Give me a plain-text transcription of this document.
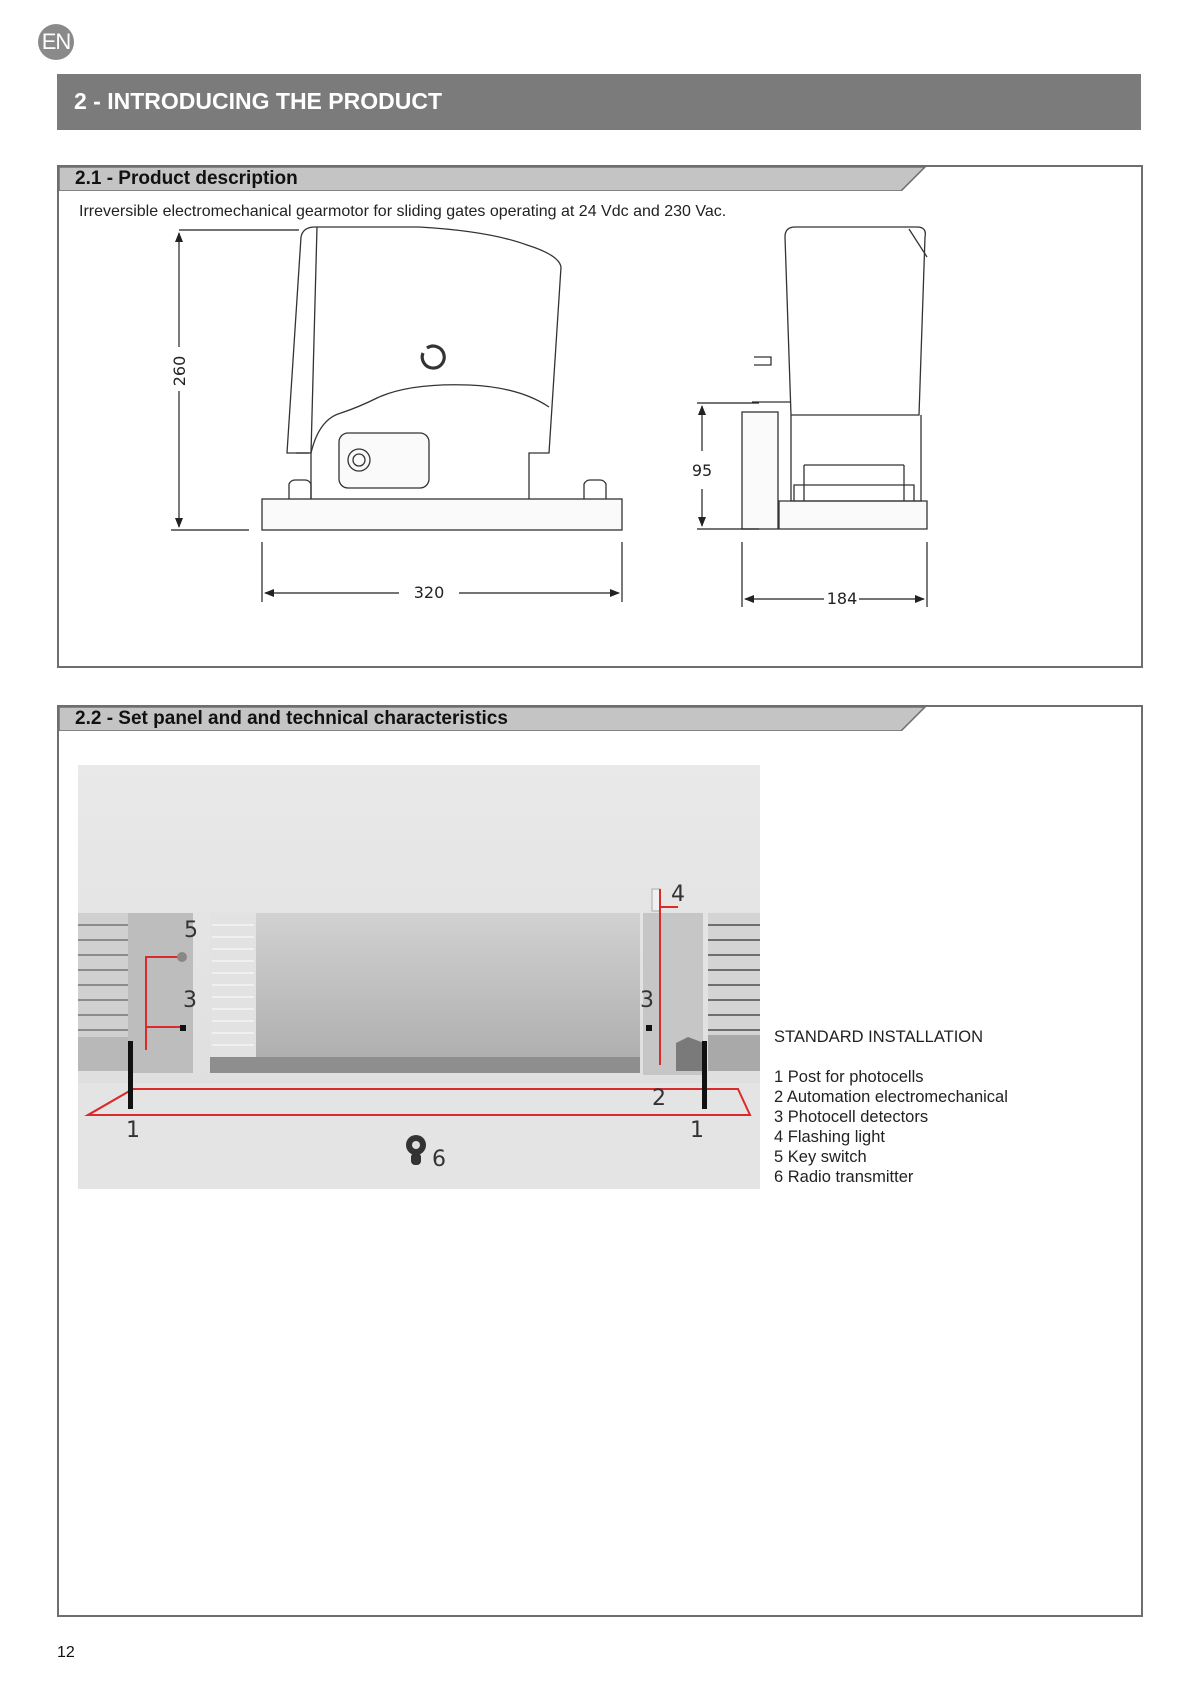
EN
2 - INTRODUCING THE PRODUCT
2.1 - Product description
Irreversible electromechanical gearmotor for sliding gates operating at 24 Vdc and 230 Vac.
260
320
95
184
2.2 - Set panel and and technical characteristics
5
3
1
4
3
2
1
6
STANDARD INSTALLATION
1 Post for photocells
2 Automation electromechanical
3 Photocell detectors
4 Flashing light
5 Key switch
6 Radio transmitter
12
